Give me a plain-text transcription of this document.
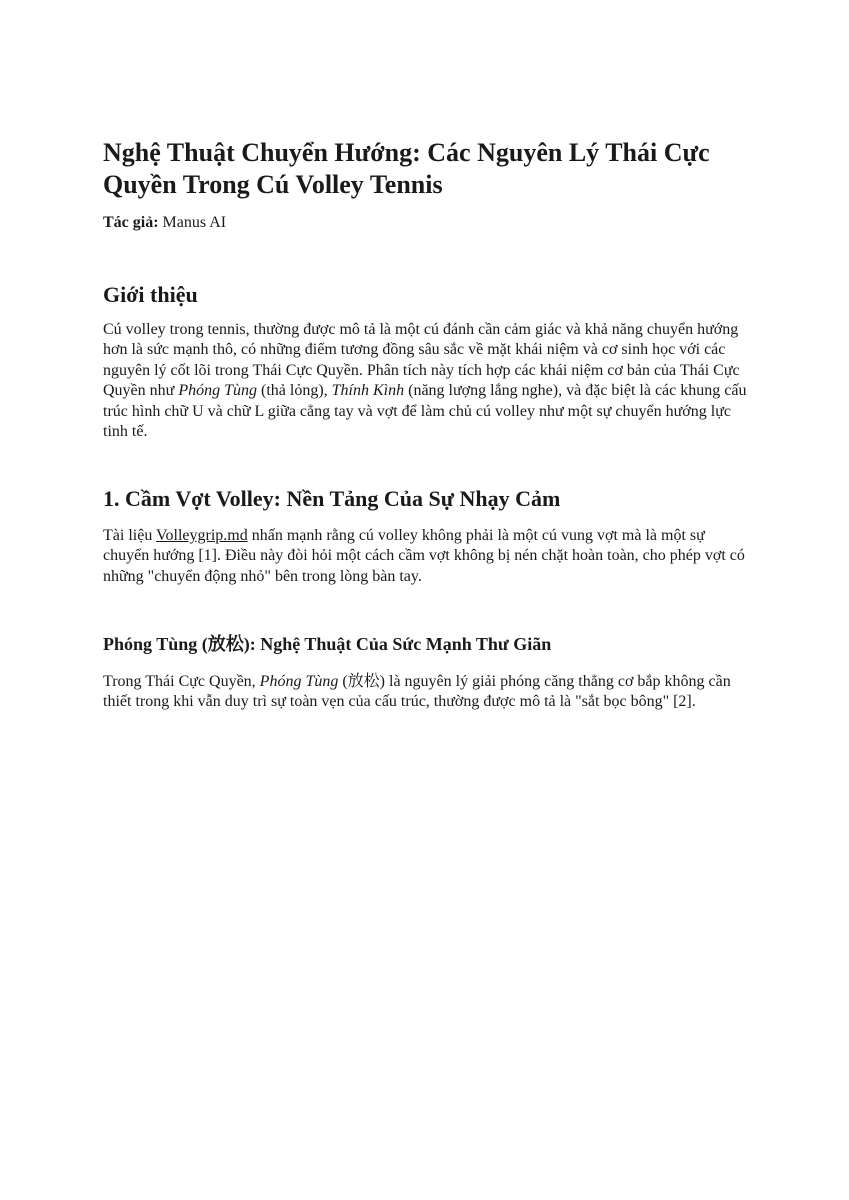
Nghệ Thuật Chuyển Hướng: Các Nguyên Lý Thái Cực Quyền Trong Cú Volley Tennis

Tác giả: Manus AI

Giới thiệu

Cú volley trong tennis, thường được mô tả là một cú đánh cần cảm giác và khả năng chuyển hướng hơn là sức mạnh thô, có những điểm tương đồng sâu sắc về mặt khái niệm và cơ sinh học với các nguyên lý cốt lõi trong Thái Cực Quyền. Phân tích này tích hợp các khái niệm cơ bản của Thái Cực Quyền như Phóng Tùng (thả lỏng), Thính Kình (năng lượng lắng nghe), và đặc biệt là các khung cấu trúc hình chữ U và chữ L giữa cẳng tay và vợt để làm chủ cú volley như một sự chuyển hướng lực tinh tế.

1. Cầm Vợt Volley: Nền Tảng Của Sự Nhạy Cảm

Tài liệu Volleygrip.md nhấn mạnh rằng cú volley không phải là một cú vung vợt mà là một sự chuyển hướng [1]. Điều này đòi hỏi một cách cầm vợt không bị nén chặt hoàn toàn, cho phép vợt có những "chuyển động nhỏ" bên trong lòng bàn tay.

Phóng Tùng (放松): Nghệ Thuật Của Sức Mạnh Thư Giãn

Trong Thái Cực Quyền, Phóng Tùng (放松) là nguyên lý giải phóng căng thẳng cơ bắp không cần thiết trong khi vẫn duy trì sự toàn vẹn của cấu trúc, thường được mô tả là "sắt bọc bông" [2].
